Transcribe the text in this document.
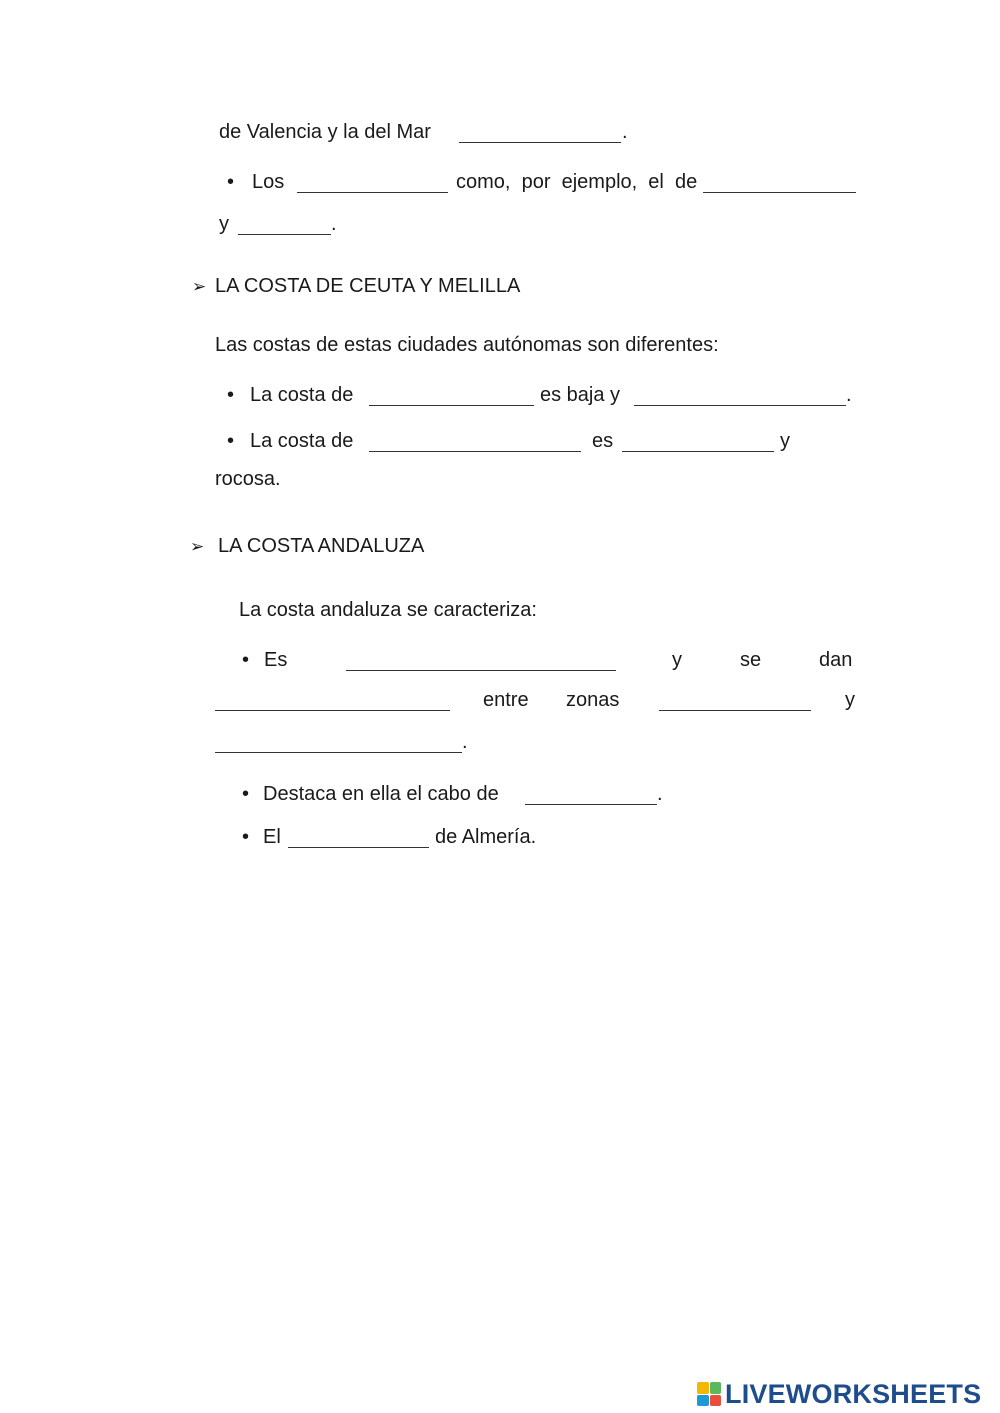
de Valencia y la del Mar	.
• Los	como,  por  ejemplo,  el  de
y	.
➢ LA COSTA DE CEUTA Y MELILLA
Las costas de estas ciudades autónomas son diferentes:
• La costa de	es baja y	.
• La costa de	es	y
rocosa.
➢ LA COSTA ANDALUZA
La costa andaluza se caracteriza:
• Es	y	se	dan
entre zonas	y
.
• Destaca en ella el cabo de	.
• El	de Almería.
LIVEWORKSHEETS
